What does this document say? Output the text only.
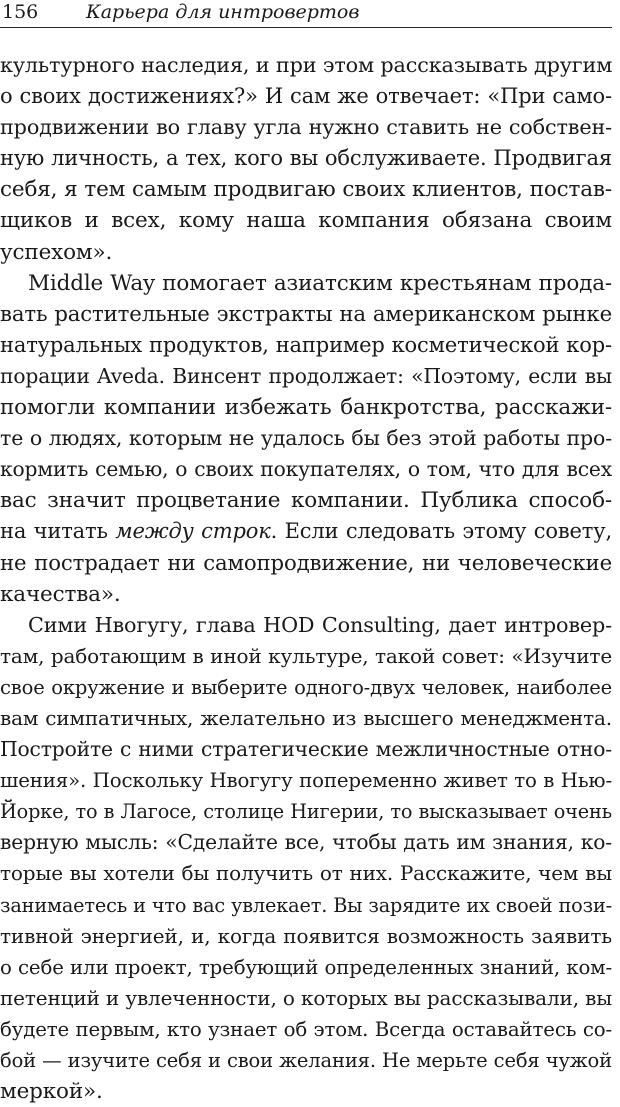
156	Карьера для интровертов
культурного наследия, и при этом рассказывать другим
о своих достижениях?» И сам же отвечает: «При само-
продвижении во главу угла нужно ставить не собствен-
ную личность, а тех, кого вы обслуживаете. Продвигая
себя, я тем самым продвигаю своих клиентов, постав-
щиков и всех, кому наша компания обязана своим
успехом».
Middle Way помогает азиатским крестьянам прода-
вать растительные экстракты на американском рынке
натуральных продуктов, например косметической кор-
порации Aveda. Винсент продолжает: «Поэтому, если вы
помогли компании избежать банкротства, расскажи-
те о людях, которым не удалось бы без этой работы про-
кормить семью, о своих покупателях, о том, что для всех
вас значит процветание компании. Публика способ-
на читать между строк. Если следовать этому совету,
не пострадает ни самопродвижение, ни человеческие
качества».
Сими Нвогугу, глава HOD Consulting, дает интровер-
там, работающим в иной культуре, такой совет: «Изучите
свое окружение и выберите одного-двух человек, наиболее
вам симпатичных, желательно из высшего менеджмента.
Постройте с ними стратегические межличностные отно-
шения». Поскольку Нвогугу попеременно живет то в Нью-
Йорке, то в Лагосе, столице Нигерии, то высказывает очень
верную мысль: «Сделайте все, чтобы дать им знания, ко-
торые вы хотели бы получить от них. Расскажите, чем вы
занимаетесь и что вас увлекает. Вы зарядите их своей пози-
тивной энергией, и, когда появится возможность заявить
о себе или проект, требующий определенных знаний, ком-
петенций и увлеченности, о которых вы рассказывали, вы
будете первым, кто узнает об этом. Всегда оставайтесь со-
бой — изучите себя и свои желания. Не мерьте себя чужой
меркой».
